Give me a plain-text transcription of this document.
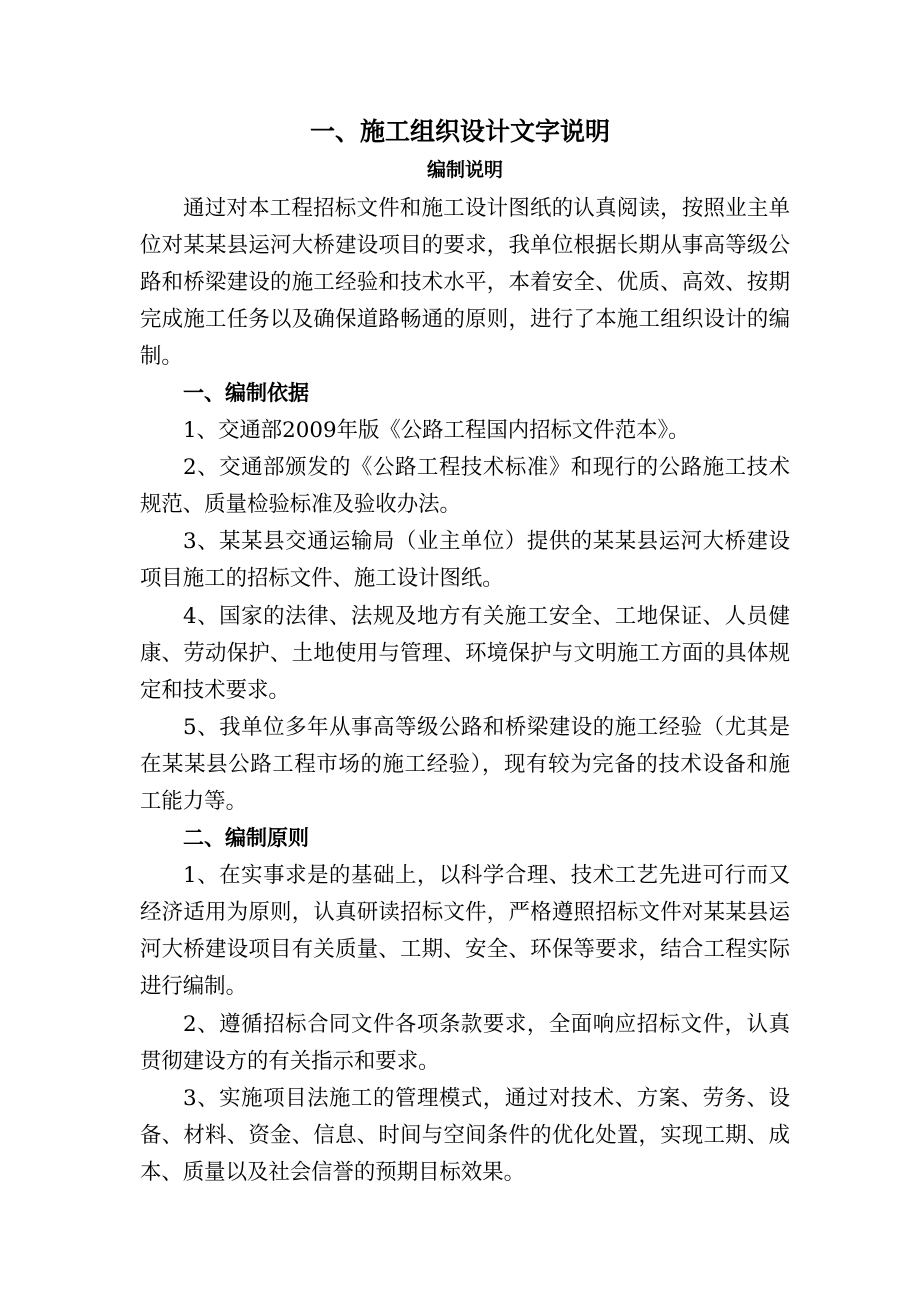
一、施工组织设计文字说明
编制说明
通过对本工程招标文件和施工设计图纸的认真阅读，按照业主单
位对某某县运河大桥建设项目的要求，我单位根据长期从事高等级公
路和桥梁建设的施工经验和技术水平，本着安全、优质、高效、按期
完成施工任务以及确保道路畅通的原则，进行了本施工组织设计的编
制。
一、编制依据
1、交通部2009年版《公路工程国内招标文件范本》。
2、交通部颁发的《公路工程技术标准》和现行的公路施工技术
规范、质量检验标准及验收办法。
3、某某县交通运输局（业主单位）提供的某某县运河大桥建设
项目施工的招标文件、施工设计图纸。
4、国家的法律、法规及地方有关施工安全、工地保证、人员健
康、劳动保护、土地使用与管理、环境保护与文明施工方面的具体规
定和技术要求。
5、我单位多年从事高等级公路和桥梁建设的施工经验（尤其是
在某某县公路工程市场的施工经验），现有较为完备的技术设备和施
工能力等。
二、编制原则
1、在实事求是的基础上，以科学合理、技术工艺先进可行而又
经济适用为原则，认真研读招标文件，严格遵照招标文件对某某县运
河大桥建设项目有关质量、工期、安全、环保等要求，结合工程实际
进行编制。
2、遵循招标合同文件各项条款要求，全面响应招标文件，认真
贯彻建设方的有关指示和要求。
3、实施项目法施工的管理模式，通过对技术、方案、劳务、设
备、材料、资金、信息、时间与空间条件的优化处置，实现工期、成
本、质量以及社会信誉的预期目标效果。
